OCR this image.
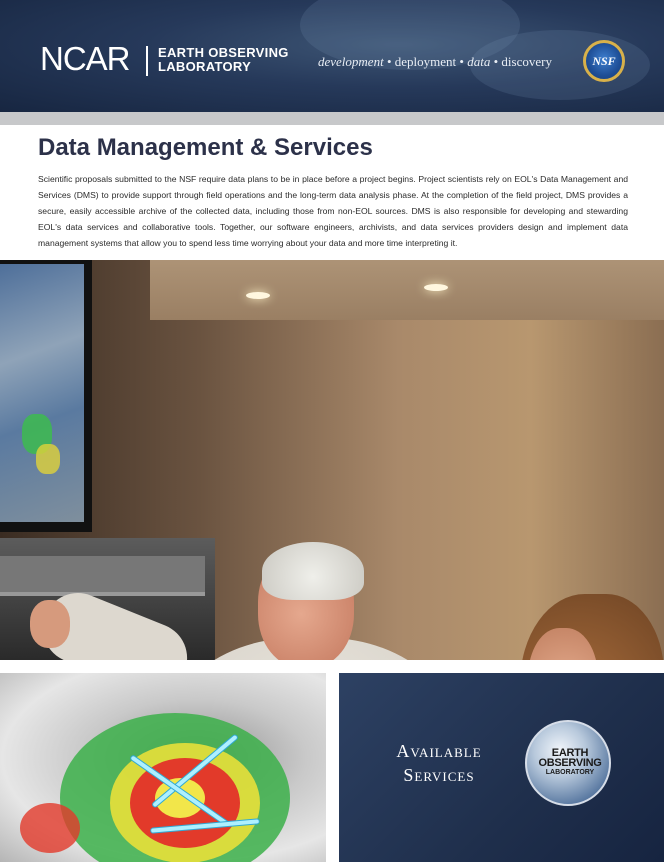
NCAR EARTH OBSERVING
LABORATORY	development • deployment • data • discovery	NSF
Data Management & Services

Scientific proposals submitted to the NSF require data plans to be in place before a project begins. Project scientists rely on EOL's Data Management and Services (DMS) to provide support through field operations and the long-term data analysis phase. At the completion of the field project, DMS provides a secure, easily accessible archive of the collected data, including those from non-EOL sources. DMS is also responsible for developing and stewarding EOL's data services and collaborative tools. Together, our software engineers, archivists, and data services providers design and implement data management systems that allow you to spend less time worrying about your data and more time interpreting it.

Available
Services
EARTH
OBSERVING
LABORATORY
